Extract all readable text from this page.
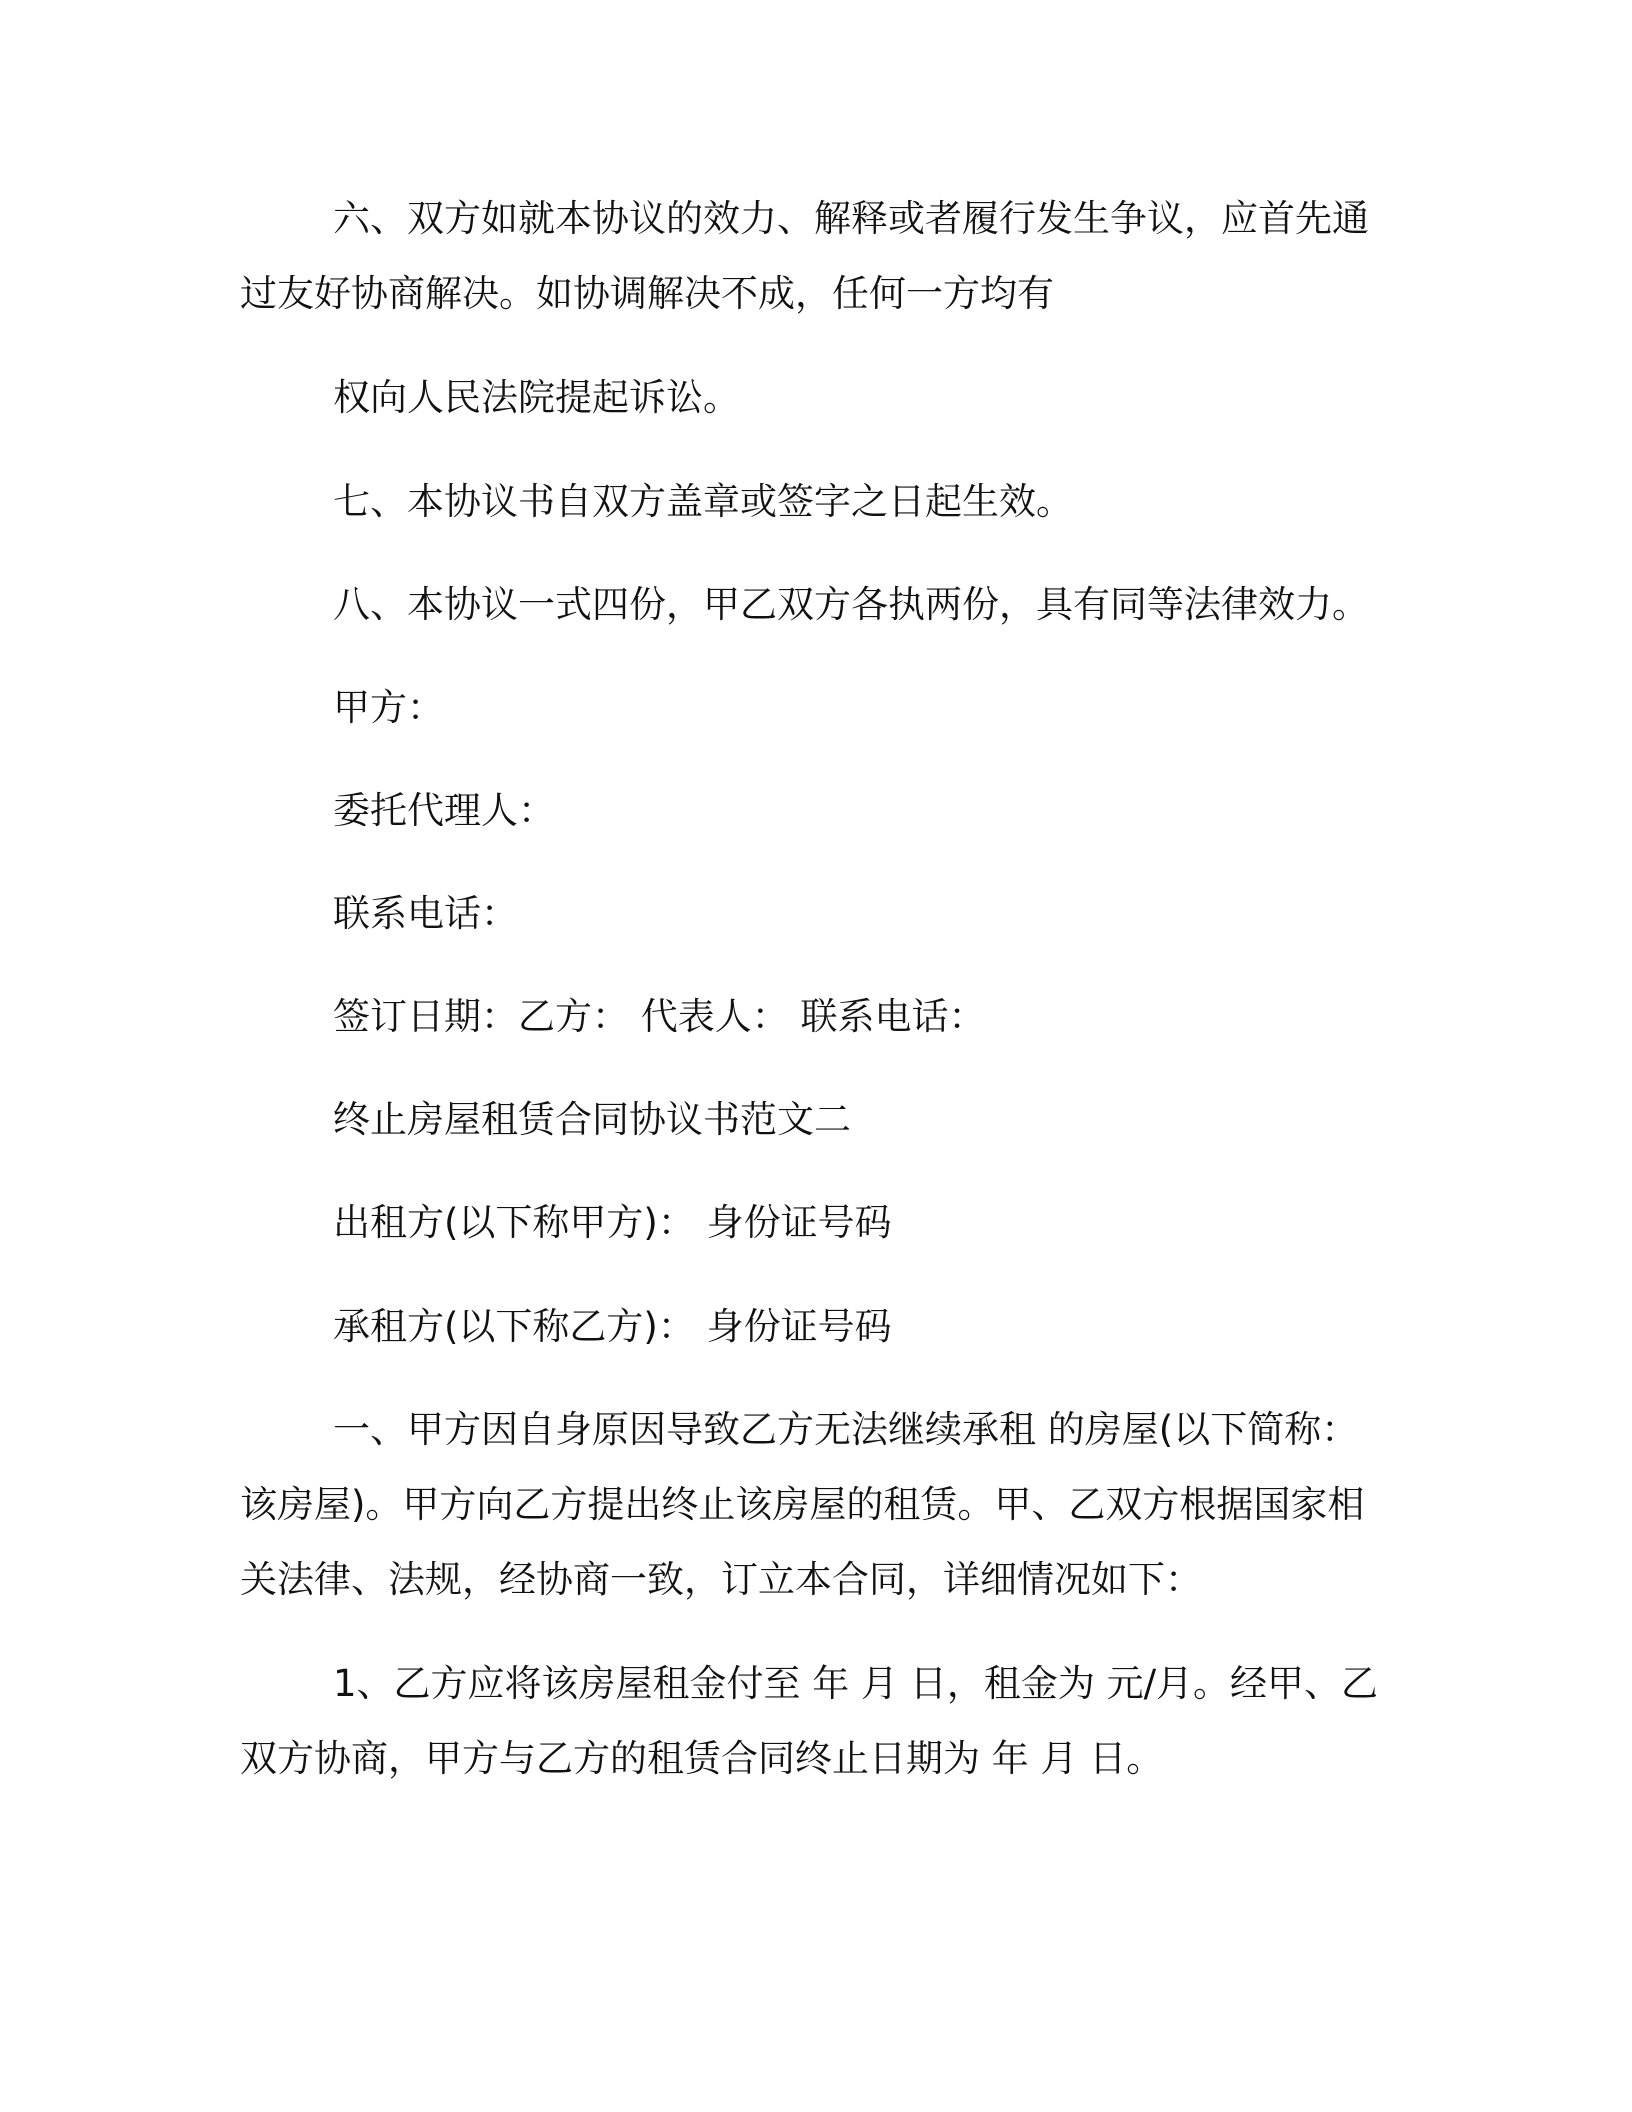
六、双方如就本协议的效力、解释或者履行发生争议，应首先通

过友好协商解决。如协调解决不成，任何一方均有

权向人民法院提起诉讼。

七、本协议书自双方盖章或签字之日起生效。

八、本协议一式四份，甲乙双方各执两份，具有同等法律效力。

甲方：

委托代理人：

联系电话：

签订日期：乙方： 代表人： 联系电话：

终止房屋租赁合同协议书范文二

出租方(以下称甲方)： 身份证号码

承租方(以下称乙方)： 身份证号码

一、甲方因自身原因导致乙方无法继续承租 的房屋(以下简称：

该房屋)。甲方向乙方提出终止该房屋的租赁。甲、乙双方根据国家相

关法律、法规，经协商一致，订立本合同，详细情况如下：

1、乙方应将该房屋租金付至 年 月 日，租金为 元/月。经甲、乙

双方协商，甲方与乙方的租赁合同终止日期为 年 月 日。
